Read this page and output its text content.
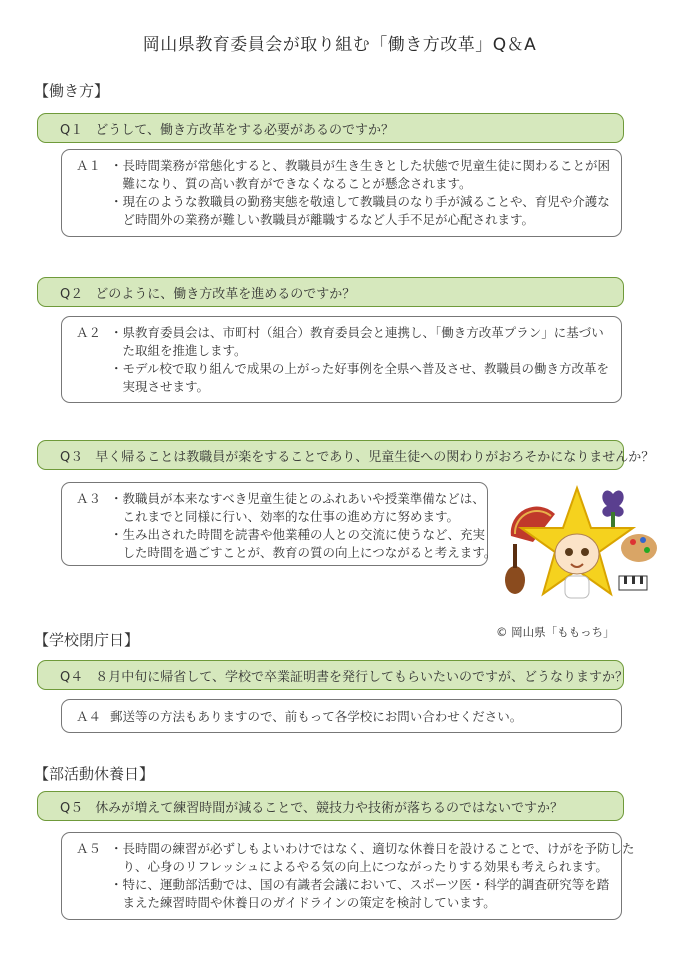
岡山県教育委員会が取り組む「働き方改革」Q＆A
【働き方】
Q１ どうして、働き方改革をする必要があるのですか？
Ａ１ ・長時間業務が常態化すると、教職員が生き生きとした状態で児童生徒に関わることが困
　難になり、質の高い教育ができなくなることが懸念されます。
・現在のような教職員の勤務実態を敬遠して教職員のなり手が減ることや、育児や介護な
　ど時間外の業務が難しい教職員が離職するなど人手不足が心配されます。
Q２ どのように、働き方改革を進めるのですか？
Ａ２ ・県教育委員会は、市町村（組合）教育委員会と連携し、「働き方改革プラン」に基づい
　た取組を推進します。
・モデル校で取り組んで成果の上がった好事例を全県へ普及させ、教職員の働き方改革を
　実現させます。
Q３ 早く帰ることは教職員が楽をすることであり、児童生徒への関わりがおろそかになりませんか？
Ａ３ ・教職員が本来なすべき児童生徒とのふれあいや授業準備などは、
　これまでと同様に行い、効率的な仕事の進め方に努めます。
・生み出された時間を読書や他業種の人との交流に使うなど、充実
　した時間を過ごすことが、教育の質の向上につながると考えます。
© 岡山県「ももっち」
【学校閉庁日】
Q４ ８月中旬に帰省して、学校で卒業証明書を発行してもらいたいのですが、どうなりますか？
Ａ４ 郵送等の方法もありますので、前もって各学校にお問い合わせください。
【部活動休養日】
Q５ 休みが増えて練習時間が減ることで、競技力や技術が落ちるのではないですか？
Ａ５ ・長時間の練習が必ずしもよいわけではなく、適切な休養日を設けることで、けがを予防した
　り、心身のリフレッシュによるやる気の向上につながったりする効果も考えられます。
・特に、運動部活動では、国の有識者会議において、スポーツ医・科学的調査研究等を踏
　まえた練習時間や休養日のガイドラインの策定を検討しています。
